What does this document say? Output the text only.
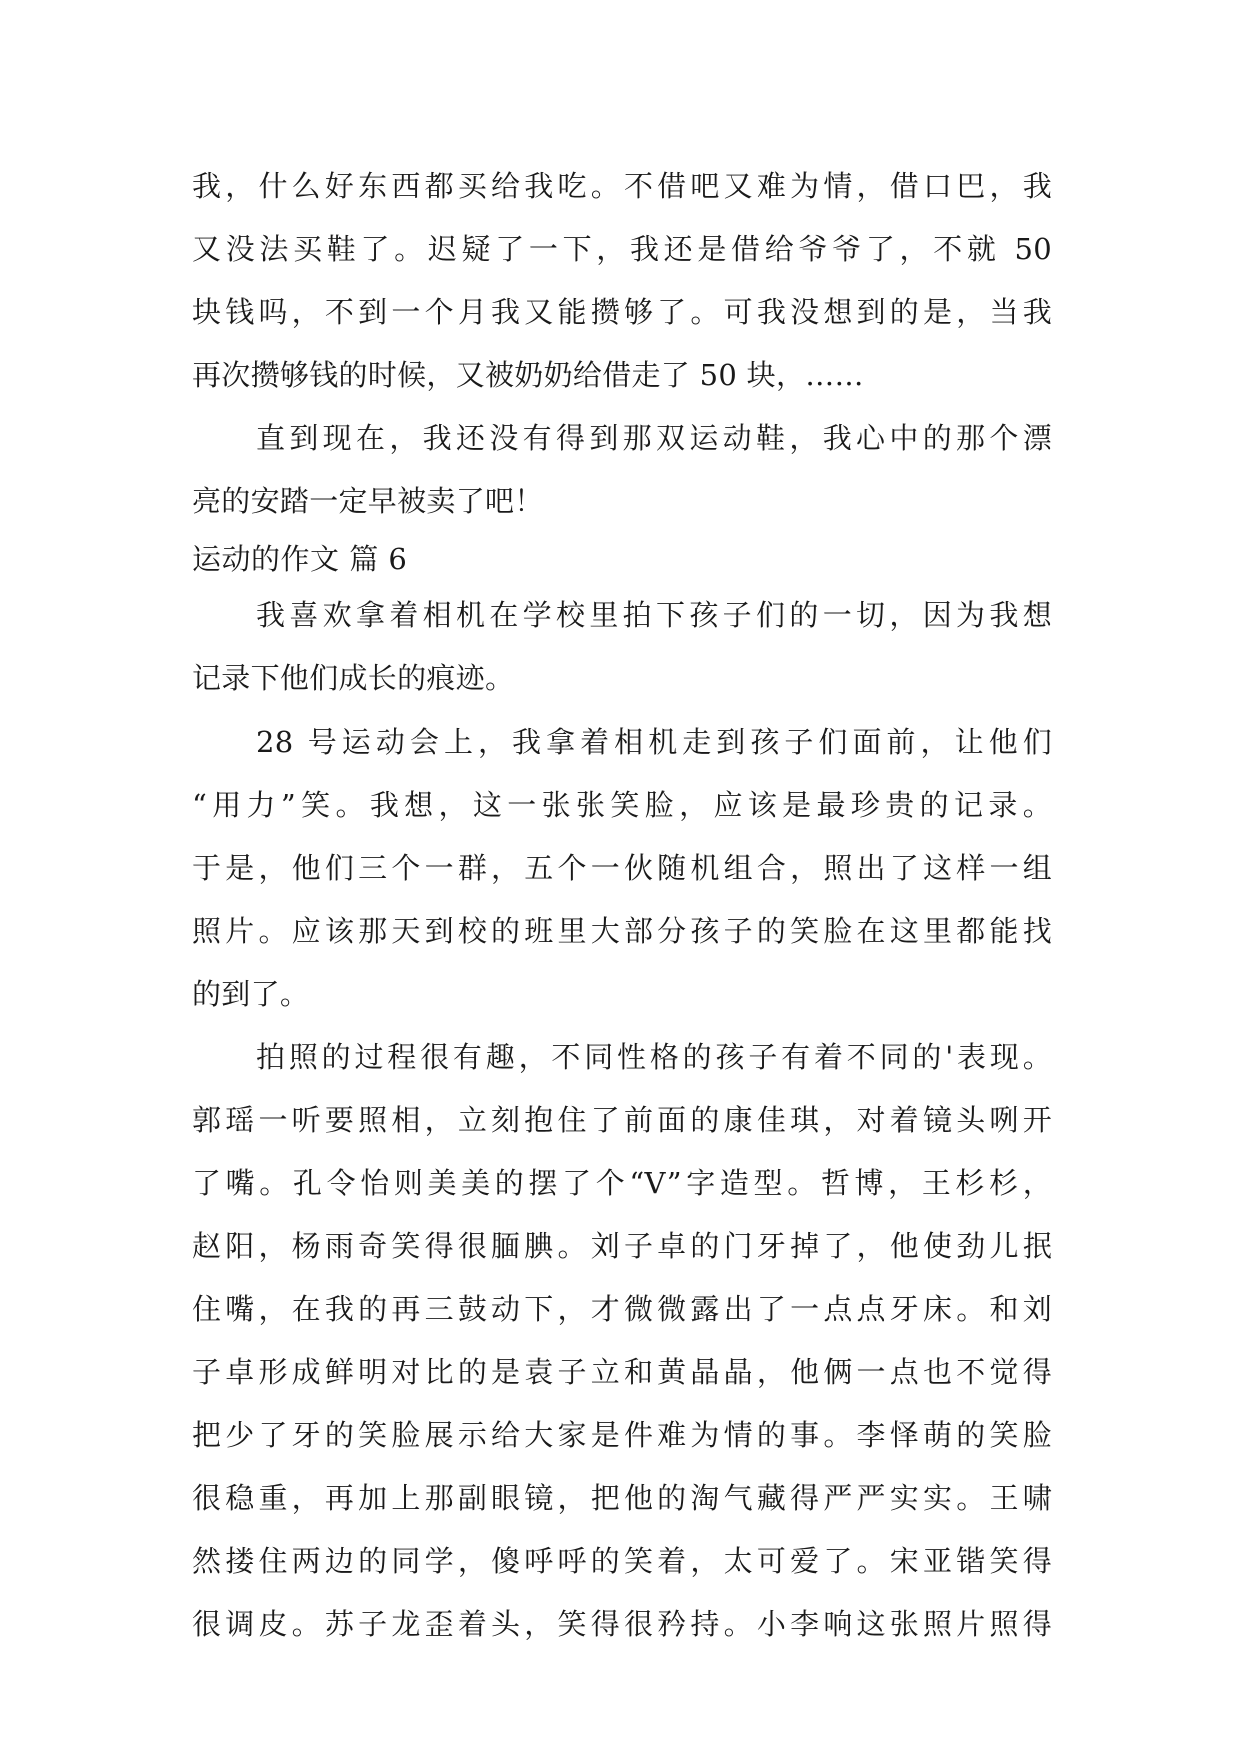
我，什么好东西都买给我吃。不借吧又难为情，借口巴，我
又没法买鞋了。迟疑了一下，我还是借给爷爷了，不就 50
块钱吗，不到一个月我又能攒够了。可我没想到的是，当我
再次攒够钱的时候，又被奶奶给借走了 50 块，……
直到现在，我还没有得到那双运动鞋，我心中的那个漂
亮的安踏一定早被卖了吧！
运动的作文 篇 6
我喜欢拿着相机在学校里拍下孩子们的一切，因为我想
记录下他们成长的痕迹。
28 号运动会上，我拿着相机走到孩子们面前，让他们
“用力”笑。我想，这一张张笑脸，应该是最珍贵的记录。
于是，他们三个一群，五个一伙随机组合，照出了这样一组
照片。应该那天到校的班里大部分孩子的笑脸在这里都能找
的到了。
拍照的过程很有趣，不同性格的孩子有着不同的'表现。
郭瑶一听要照相，立刻抱住了前面的康佳琪，对着镜头咧开
了嘴。孔令怡则美美的摆了个“V”字造型。哲博，王杉杉，
赵阳，杨雨奇笑得很腼腆。刘子卓的门牙掉了，他使劲儿抿
住嘴，在我的再三鼓动下，才微微露出了一点点牙床。和刘
子卓形成鲜明对比的是袁子立和黄晶晶，他俩一点也不觉得
把少了牙的笑脸展示给大家是件难为情的事。李怿萌的笑脸
很稳重，再加上那副眼镜，把他的淘气藏得严严实实。王啸
然搂住两边的同学，傻呼呼的笑着，太可爱了。宋亚锴笑得
很调皮。苏子龙歪着头，笑得很矜持。小李响这张照片照得
